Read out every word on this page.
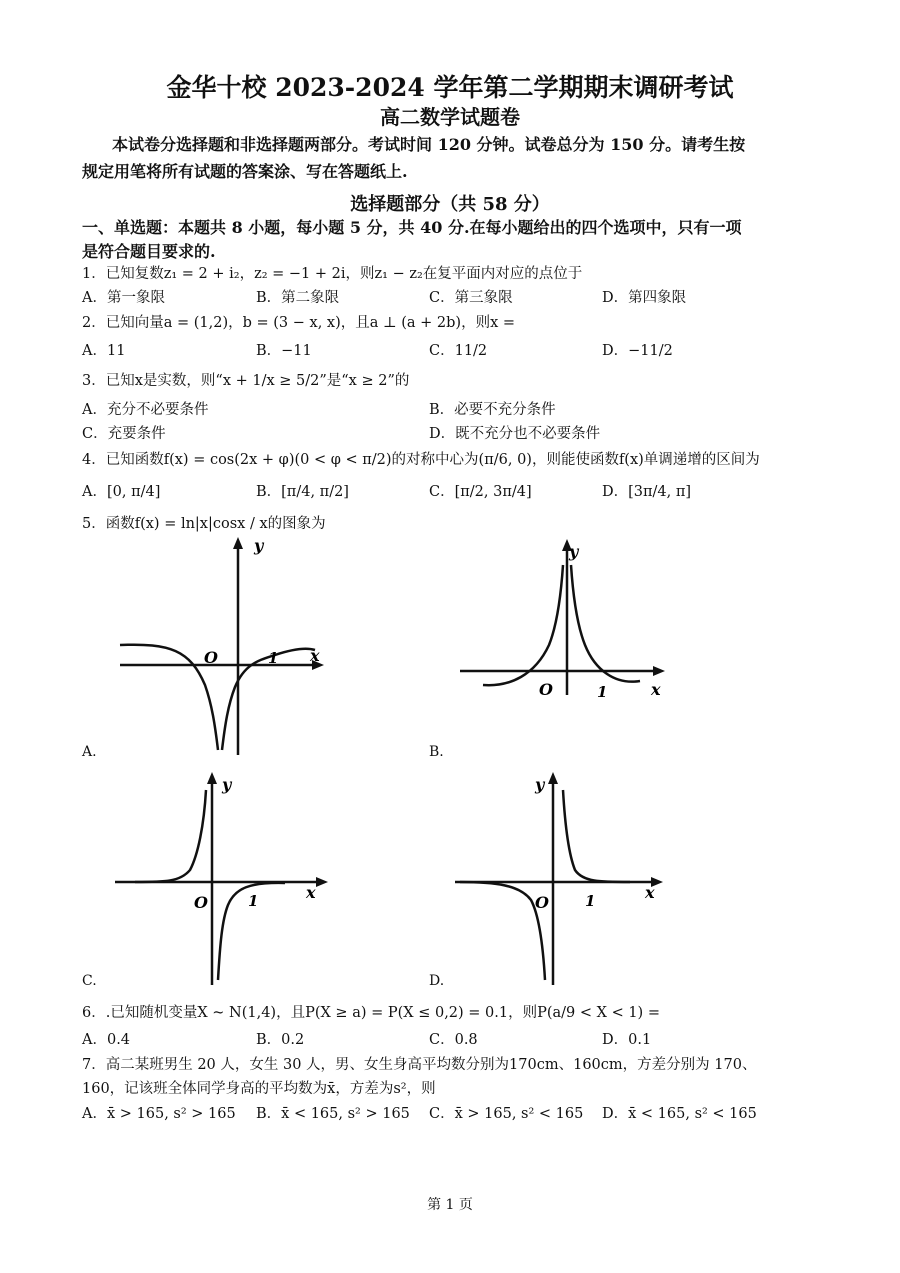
金华十校 2023-2024 学年第二学期期末调研考试
高二数学试题卷
本试卷分选择题和非选择题两部分。考试时间 120 分钟。试卷总分为 150 分。请考生按
规定用笔将所有试题的答案涂、写在答题纸上.
选择题部分（共 58 分）
一、单选题：本题共 8 小题，每小题 5 分，共 40 分.在每小题给出的四个选项中，只有一项
是符合题目要求的.
1．已知复数z₁ = 2 + i₂，z₂ = −1 + 2i，则z₁ − z₂在复平面内对应的点位于
A．第一象限	B．第二象限	C．第三象限	D．第四象限
2．已知向量a = (1,2)，b = (3 − x, x)，且a ⊥ (a + 2b)，则x =
A．11	B．−11	C．11/2	D．−11/2
3．已知x是实数，则“x + 1/x ≥ 5/2”是“x ≥ 2”的
A．充分不必要条件	B．必要不充分条件
C．充要条件	D．既不充分也不必要条件
4．已知函数f(x) = cos(2x + φ)(0 < φ < π/2)的对称中心为(π/6, 0)，则能使函数f(x)单调递增的区间为
A．[0, π/4]	B．[π/4, π/2]	C．[π/2, 3π/4]	D．[3π/4, π]
5．函数f(x) = ln|x|cosx / x的图象为
y
x
O	1
A.
y
x
O	1
B.
y
x
O	1
C.
y
x
O 1
D.
6．.已知随机变量X ~ N(1,4)，且P(X ≥ a) = P(X ≤ 0,2) = 0.1，则P(a/9 < X < 1) =
A．0.4	B．0.2	C．0.8	D．0.1
7．高二某班男生 20 人，女生 30 人，男、女生身高平均数分别为170cm、160cm，方差分别为 170、
160，记该班全体同学身高的平均数为x̄，方差为s²，则
A．x̄ > 165, s² > 165 B．x̄ < 165, s² > 165 C．x̄ > 165, s² < 165 D．x̄ < 165, s² < 165
第 1 页
